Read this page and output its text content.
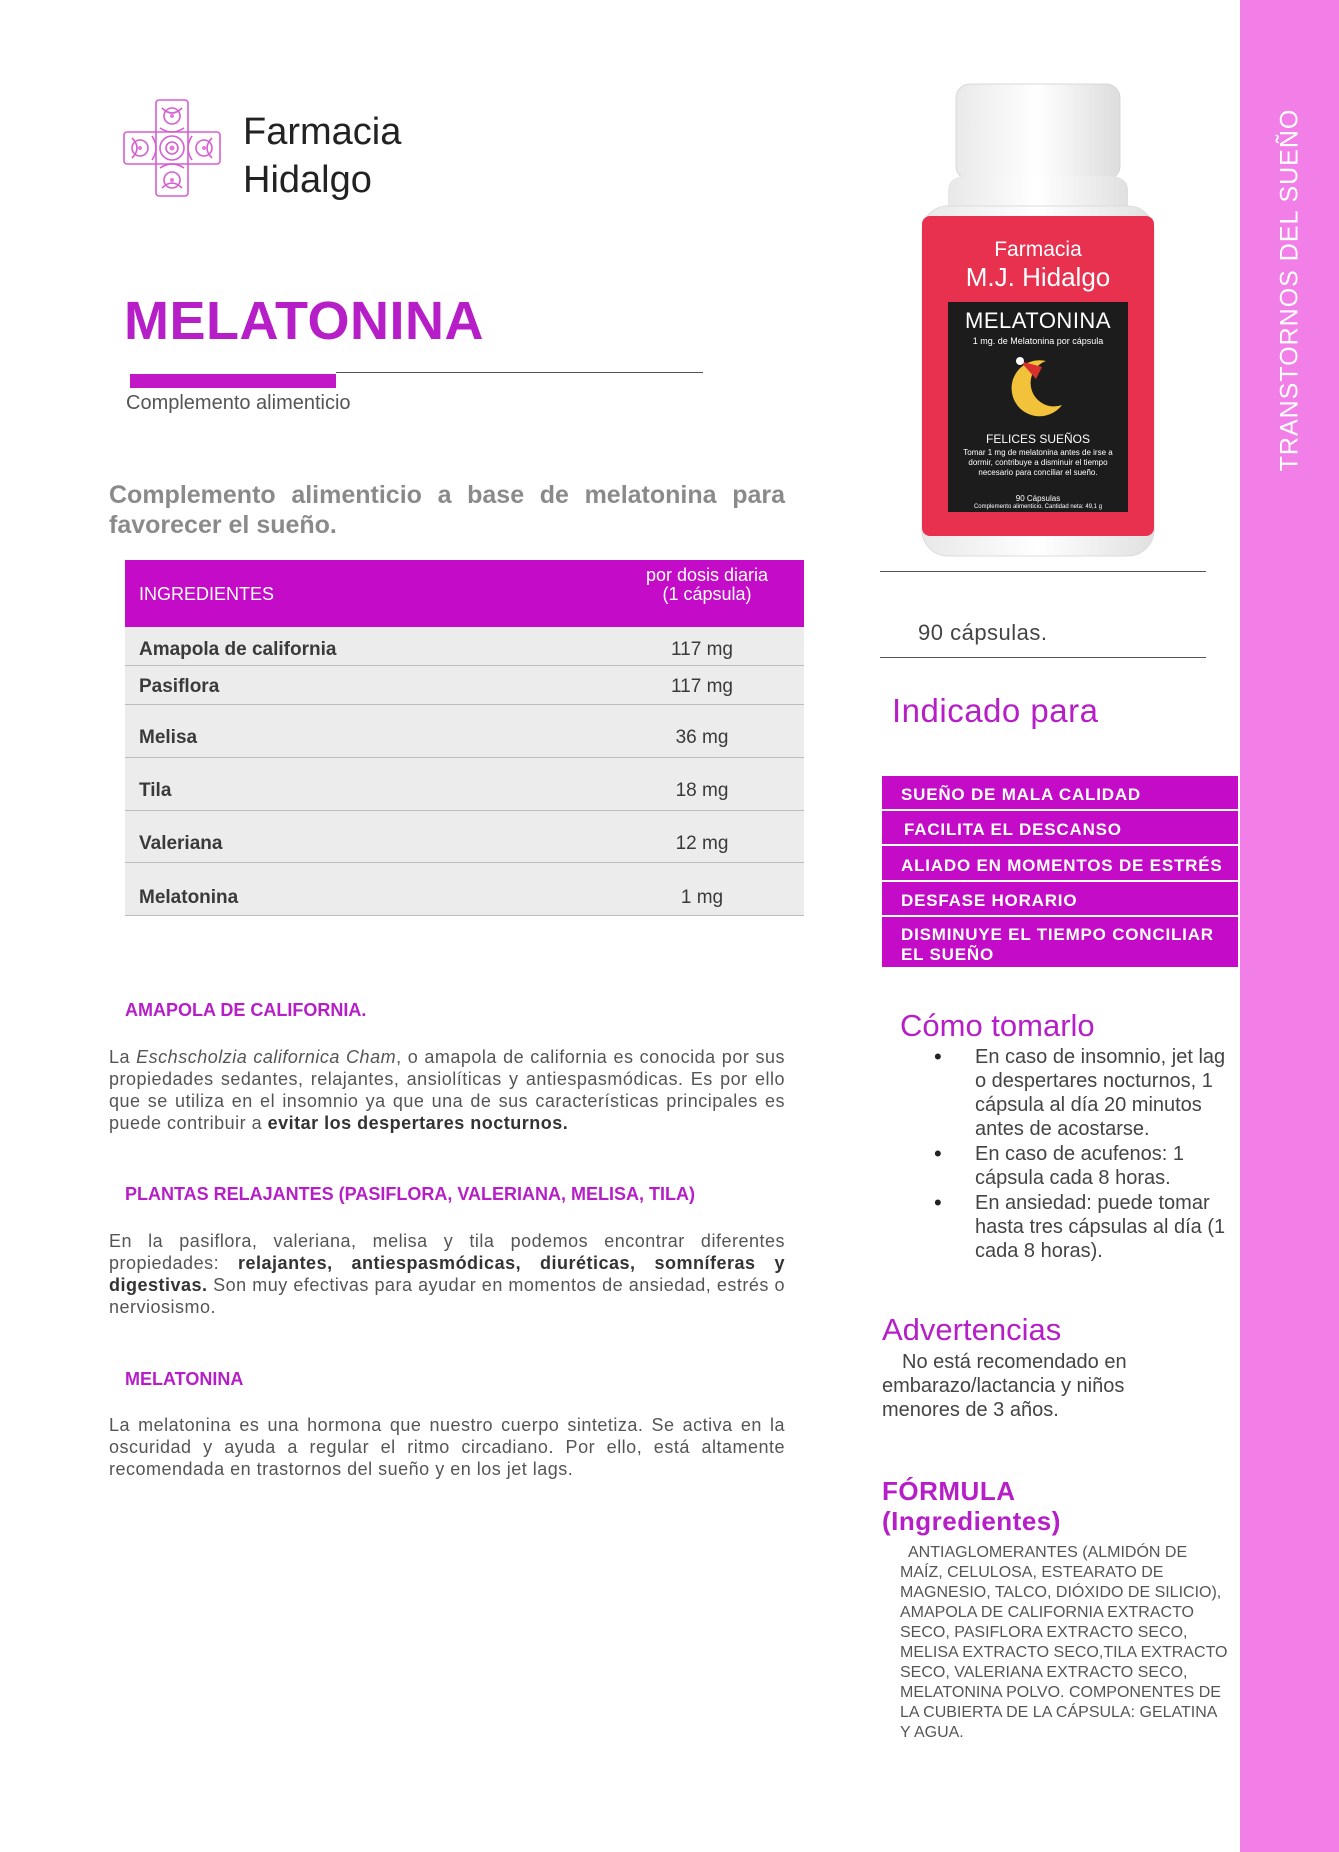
TRANSTORNOS DEL SUEÑO
Farmacia
Hidalgo
MELATONINA
Complemento alimenticio
Complemento alimenticio a base de melatonina para favorecer el sueño.
INGREDIENTES
por dosis diaria (1 cápsula)
Amapola de california	117 mg
Pasiflora	117 mg
Melisa	36 mg
Tila	18 mg
Valeriana	12 mg
Melatonina	1 mg
AMAPOLA DE CALIFORNIA.
La Eschscholzia californica Cham, o amapola de california es conocida por sus propiedades sedantes, relajantes, ansiolíticas y antiespasmódicas. Es por ello que se utiliza en el insomnio ya que una de sus características principales es puede contribuir a evitar los despertares nocturnos.
PLANTAS RELAJANTES (PASIFLORA, VALERIANA, MELISA, TILA)
En la pasiflora, valeriana, melisa y tila podemos encontrar diferentes propiedades: relajantes, antiespasmódicas, diuréticas, somníferas y digestivas. Son muy efectivas para ayudar en momentos de ansiedad, estrés o nerviosismo.
MELATONINA
La melatonina es una hormona que nuestro cuerpo sintetiza. Se activa en la oscuridad y ayuda a regular el ritmo circadiano. Por ello, está altamente recomendada en trastornos del sueño y en los jet lags.
Farmacia
M.J. Hidalgo
MELATONINA
1 mg. de Melatonina por cápsula
FELICES SUEÑOS
Tomar 1 mg de melatonina antes de irse a dormir, contribuye a disminuir el tiempo necesario para conciliar el sueño.
90 Cápsulas
Complemento alimenticio. Cantidad neta: 49,1 g
90 cápsulas.
Indicado para
SUEÑO DE MALA CALIDAD
FACILITA EL DESCANSO
ALIADO EN MOMENTOS DE ESTRÉS
DESFASE HORARIO
DISMINUYE EL TIEMPO CONCILIAR EL SUEÑO
Cómo tomarlo
• En caso de insomnio, jet lag o despertares nocturnos, 1 cápsula al día 20 minutos antes de acostarse.
• En caso de acufenos: 1 cápsula cada 8 horas.
• En ansiedad: puede tomar hasta tres cápsulas al día (1 cada 8 horas).
Advertencias
No está recomendado en embarazo/lactancia y niños menores de 3 años.
FÓRMULA
(Ingredientes)
ANTIAGLOMERANTES (ALMIDÓN DE MAÍZ, CELULOSA, ESTEARATO DE MAGNESIO, TALCO, DIÓXIDO DE SILICIO), AMAPOLA DE CALIFORNIA EXTRACTO SECO, PASIFLORA EXTRACTO SECO, MELISA EXTRACTO SECO,TILA EXTRACTO SECO, VALERIANA EXTRACTO SECO, MELATONINA POLVO. COMPONENTES DE LA CUBIERTA DE LA CÁPSULA: GELATINA Y AGUA.
